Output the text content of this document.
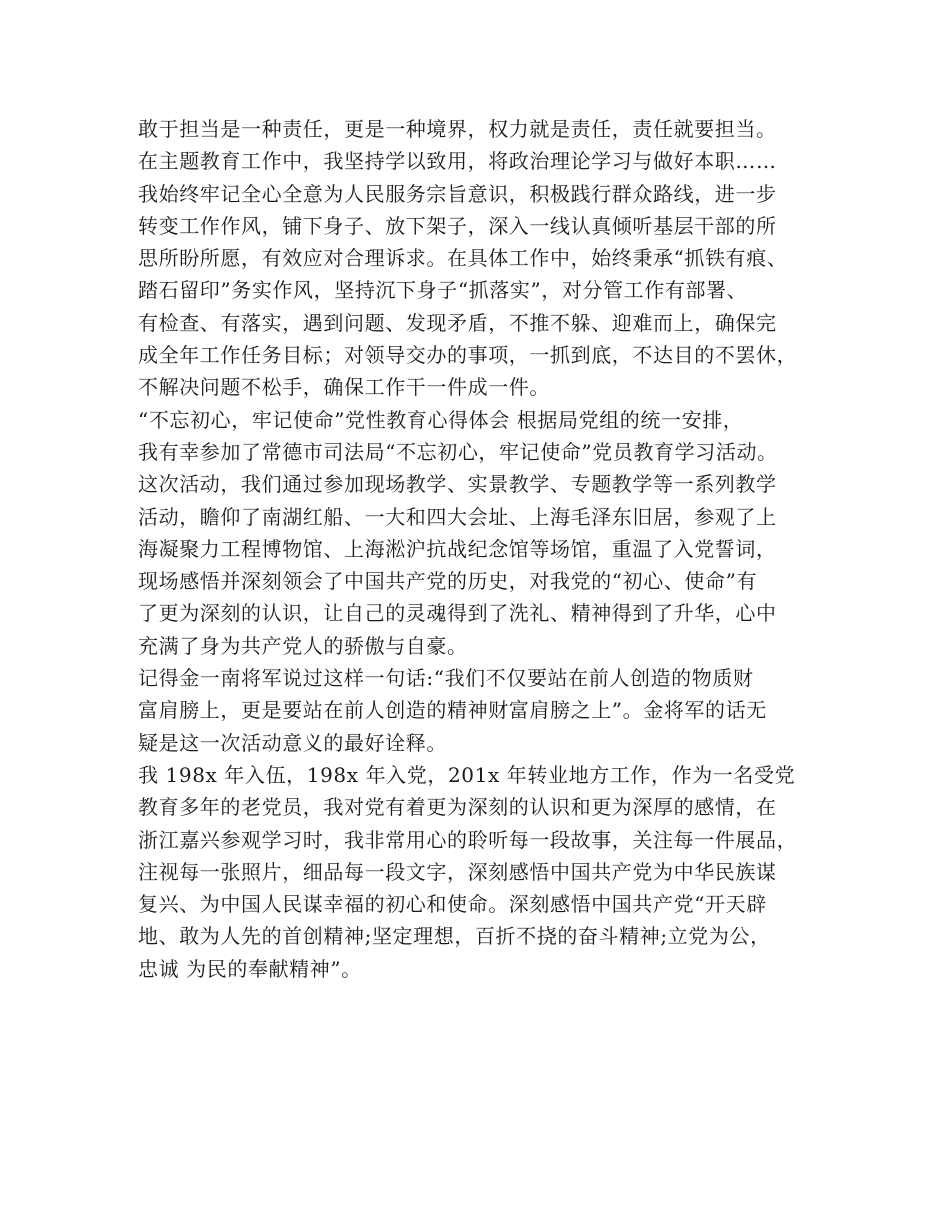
敢于担当是一种责任，更是一种境界，权力就是责任，责任就要担当。
在主题教育工作中，我坚持学以致用，将政治理论学习与做好本职……
我始终牢记全心全意为人民服务宗旨意识，积极践行群众路线，进一步
转变工作作风，铺下身子、放下架子，深入一线认真倾听基层干部的所
思所盼所愿，有效应对合理诉求。在具体工作中，始终秉承“抓铁有痕、
踏石留印”务实作风，坚持沉下身子“抓落实”，对分管工作有部署、
有检查、有落实，遇到问题、发现矛盾，不推不躲、迎难而上，确保完
成全年工作任务目标；对领导交办的事项，一抓到底，不达目的不罢休，
不解决问题不松手，确保工作干一件成一件。
“不忘初心，牢记使命”党性教育心得体会 根据局党组的统一安排，
我有幸参加了常德市司法局“不忘初心，牢记使命”党员教育学习活动。
这次活动，我们通过参加现场教学、实景教学、专题教学等一系列教学
活动，瞻仰了南湖红船、一大和四大会址、上海毛泽东旧居，参观了上
海凝聚力工程博物馆、上海淞沪抗战纪念馆等场馆，重温了入党誓词，
现场感悟并深刻领会了中国共产党的历史，对我党的“初心、使命”有
了更为深刻的认识，让自己的灵魂得到了洗礼、精神得到了升华，心中
充满了身为共产党人的骄傲与自豪。
记得金一南将军说过这样一句话:“我们不仅要站在前人创造的物质财
富肩膀上，更是要站在前人创造的精神财富肩膀之上”。金将军的话无
疑是这一次活动意义的最好诠释。
我 198x 年入伍，198x 年入党，201x 年转业地方工作，作为一名受党
教育多年的老党员，我对党有着更为深刻的认识和更为深厚的感情，在
浙江嘉兴参观学习时，我非常用心的聆听每一段故事，关注每一件展品，
注视每一张照片，细品每一段文字，深刻感悟中国共产党为中华民族谋
复兴、为中国人民谋幸福的初心和使命。深刻感悟中国共产党“开天辟
地、敢为人先的首创精神;坚定理想，百折不挠的奋斗精神;立党为公，
忠诚 为民的奉献精神”。
